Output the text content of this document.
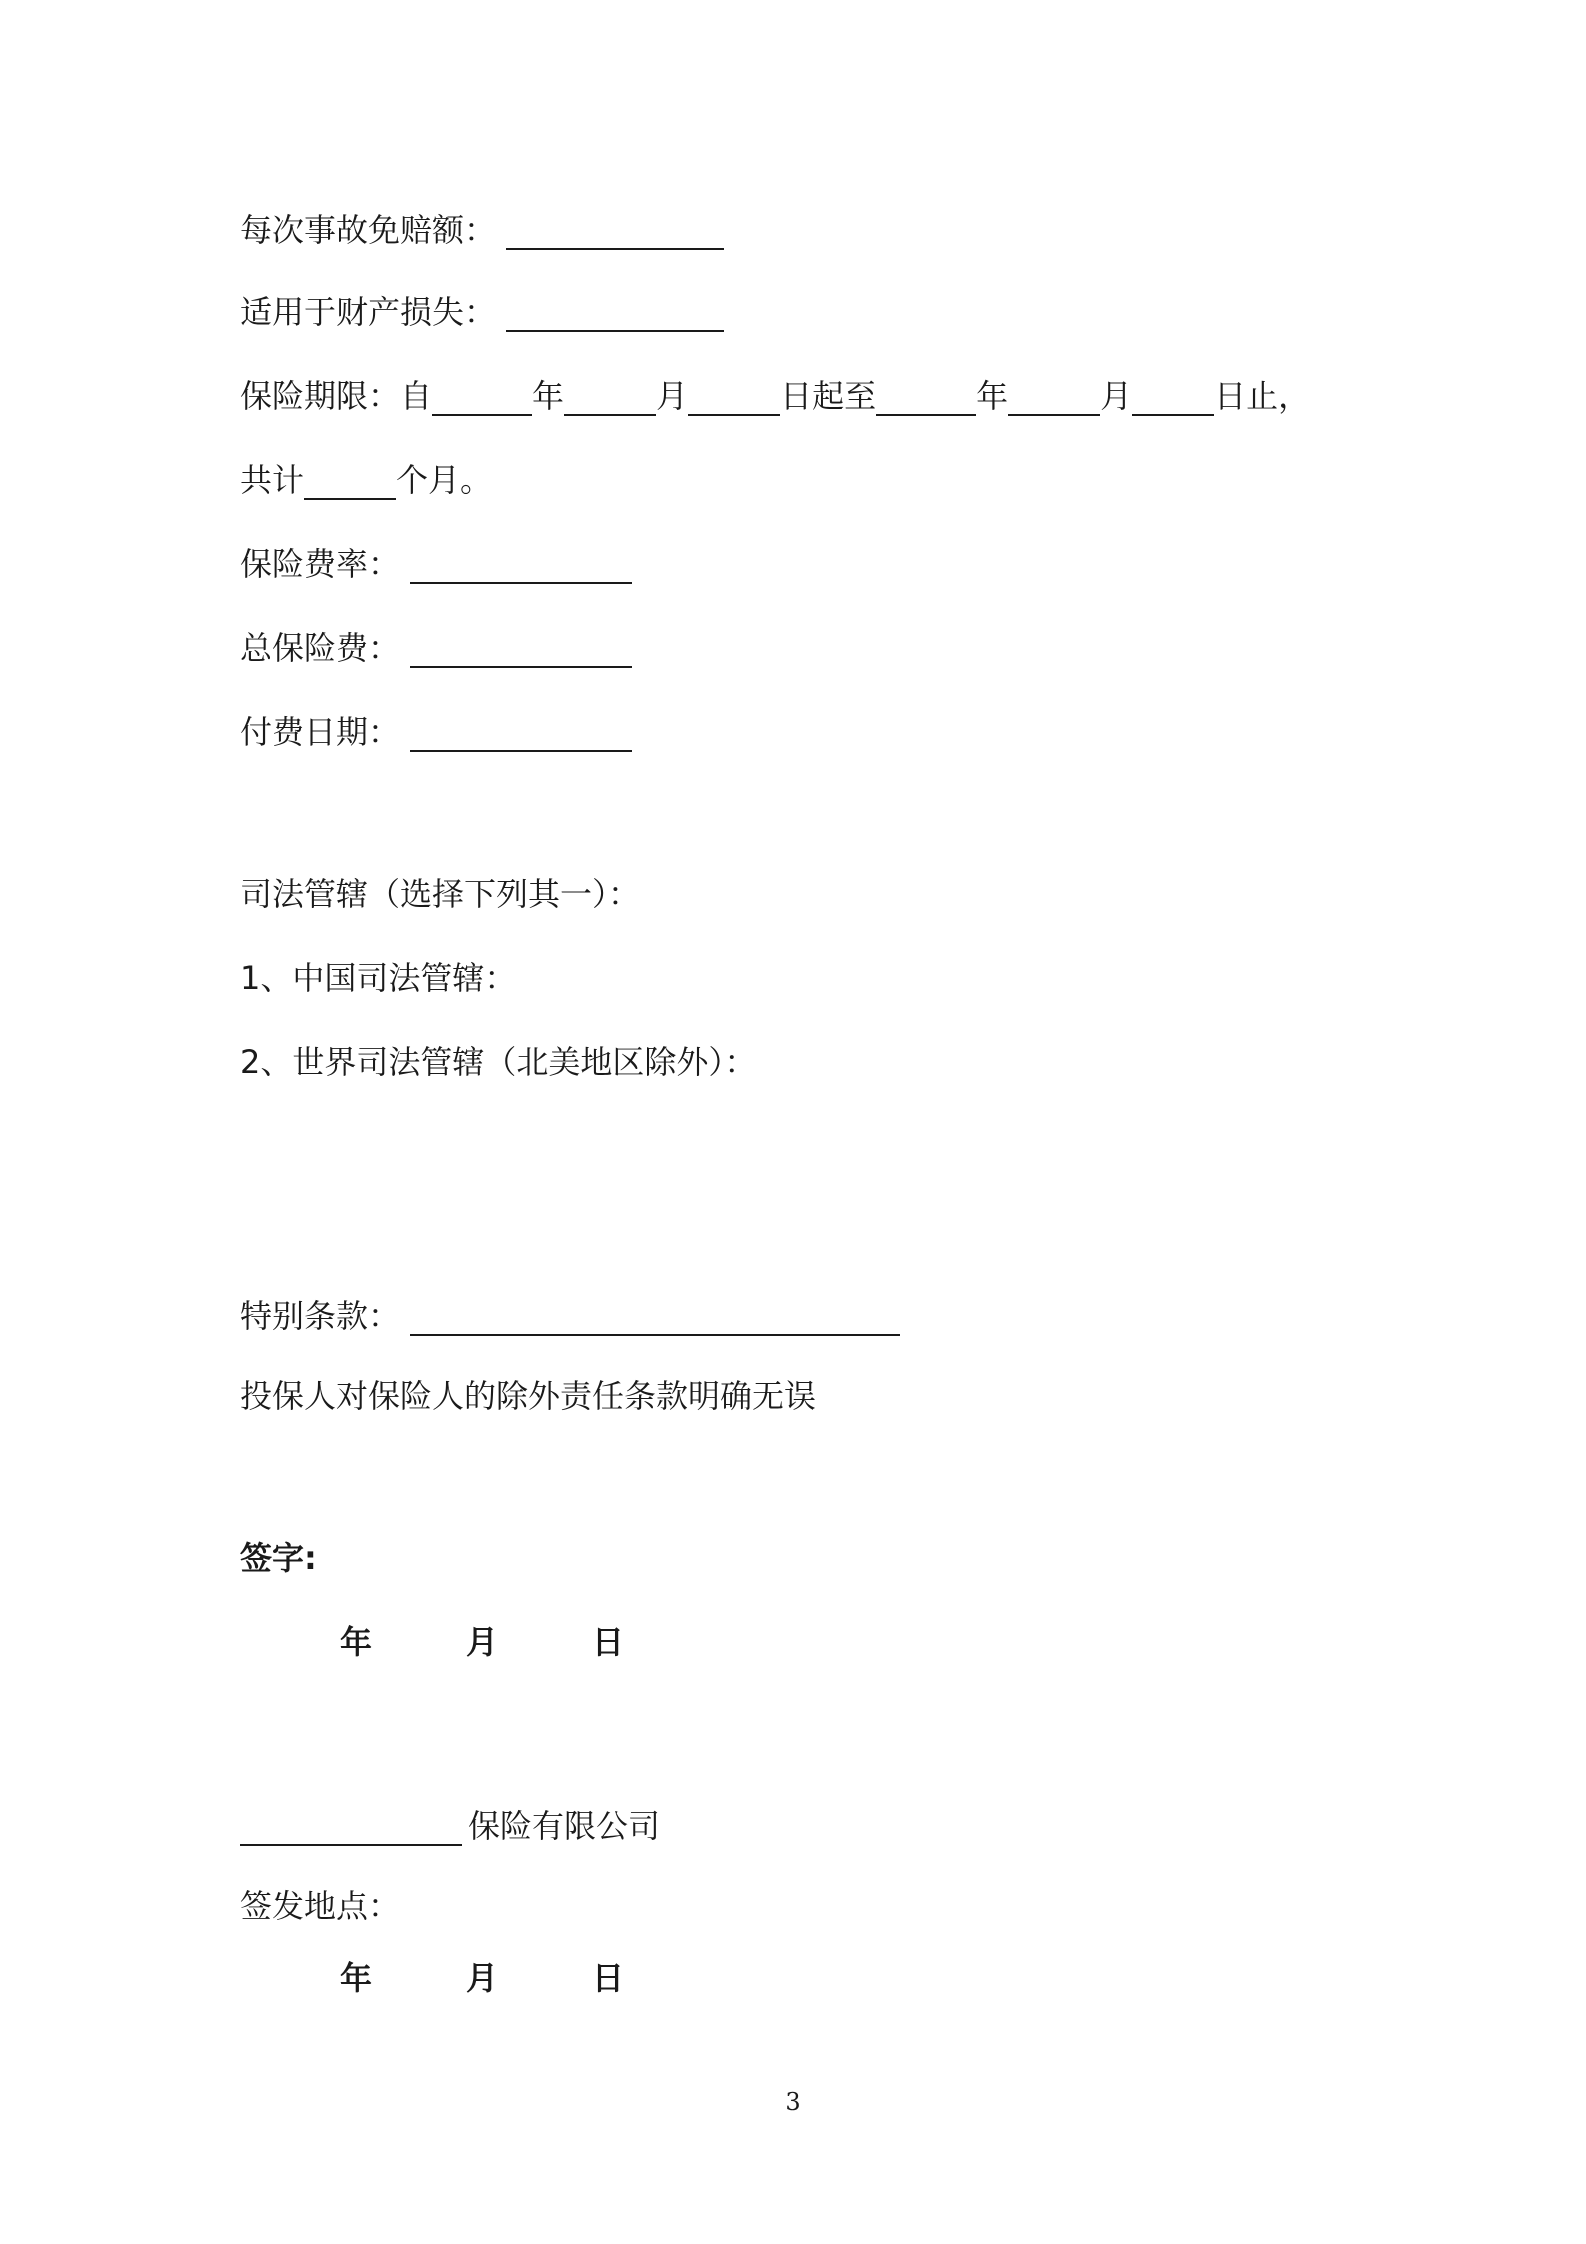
每次事故免赔额：
适用于财产损失：
保险期限： 自	年	月	日起至	年	月	日止，
共计	个月。
保险费率：
总保险费：
付费日期：
司法管辖（选择下列其一）：
1、中国司法管辖：
2、世界司法管辖（北美地区除外）：
特别条款：
投保人对保险人的除外责任条款明确无误
签字:
年	月	日
保险有限公司
签发地点：
年	月	日
3
